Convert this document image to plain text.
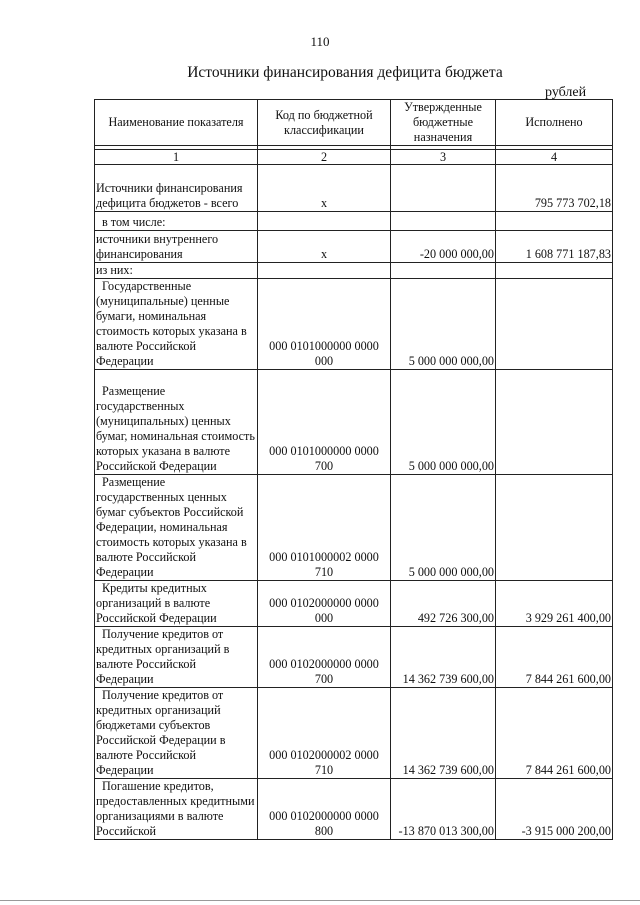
110
Источники финансирования дефицита бюджета
рублей
Наименование показателя	Код по бюджетной классификации	Утвержденные бюджетные назначения	Исполнено

1	2	3	4
Источники финансирования дефицита бюджетов - всего	х		795 773 702,18
в том числе:			
источники внутреннего финансирования	х	-20 000 000,00	1 608 771 187,83
из них:			
Государственные (муниципальные) ценные бумаги, номинальная стоимость которых указана в валюте Российской Федерации	000 0101000000 0000 000	5 000 000 000,00	
Размещение государственных (муниципальных) ценных бумаг, номинальная стоимость которых указана в валюте Российской Федерации	000 0101000000 0000 700	5 000 000 000,00	
Размещение государственных ценных бумаг субъектов Российской Федерации, номинальная стоимость которых указана в валюте Российской Федерации	000 0101000002 0000 710	5 000 000 000,00	
Кредиты кредитных организаций в валюте Российской Федерации	000 0102000000 0000 000	492 726 300,00	3 929 261 400,00
Получение кредитов от кредитных организаций в валюте Российской Федерации	000 0102000000 0000 700	14 362 739 600,00	7 844 261 600,00
Получение кредитов от кредитных организаций бюджетами субъектов Российской Федерации в валюте Российской Федерации	000 0102000002 0000 710	14 362 739 600,00	7 844 261 600,00
Погашение кредитов, предоставленных кредитными организациями в валюте Российской	000 0102000000 0000 800	-13 870 013 300,00	-3 915 000 200,00
